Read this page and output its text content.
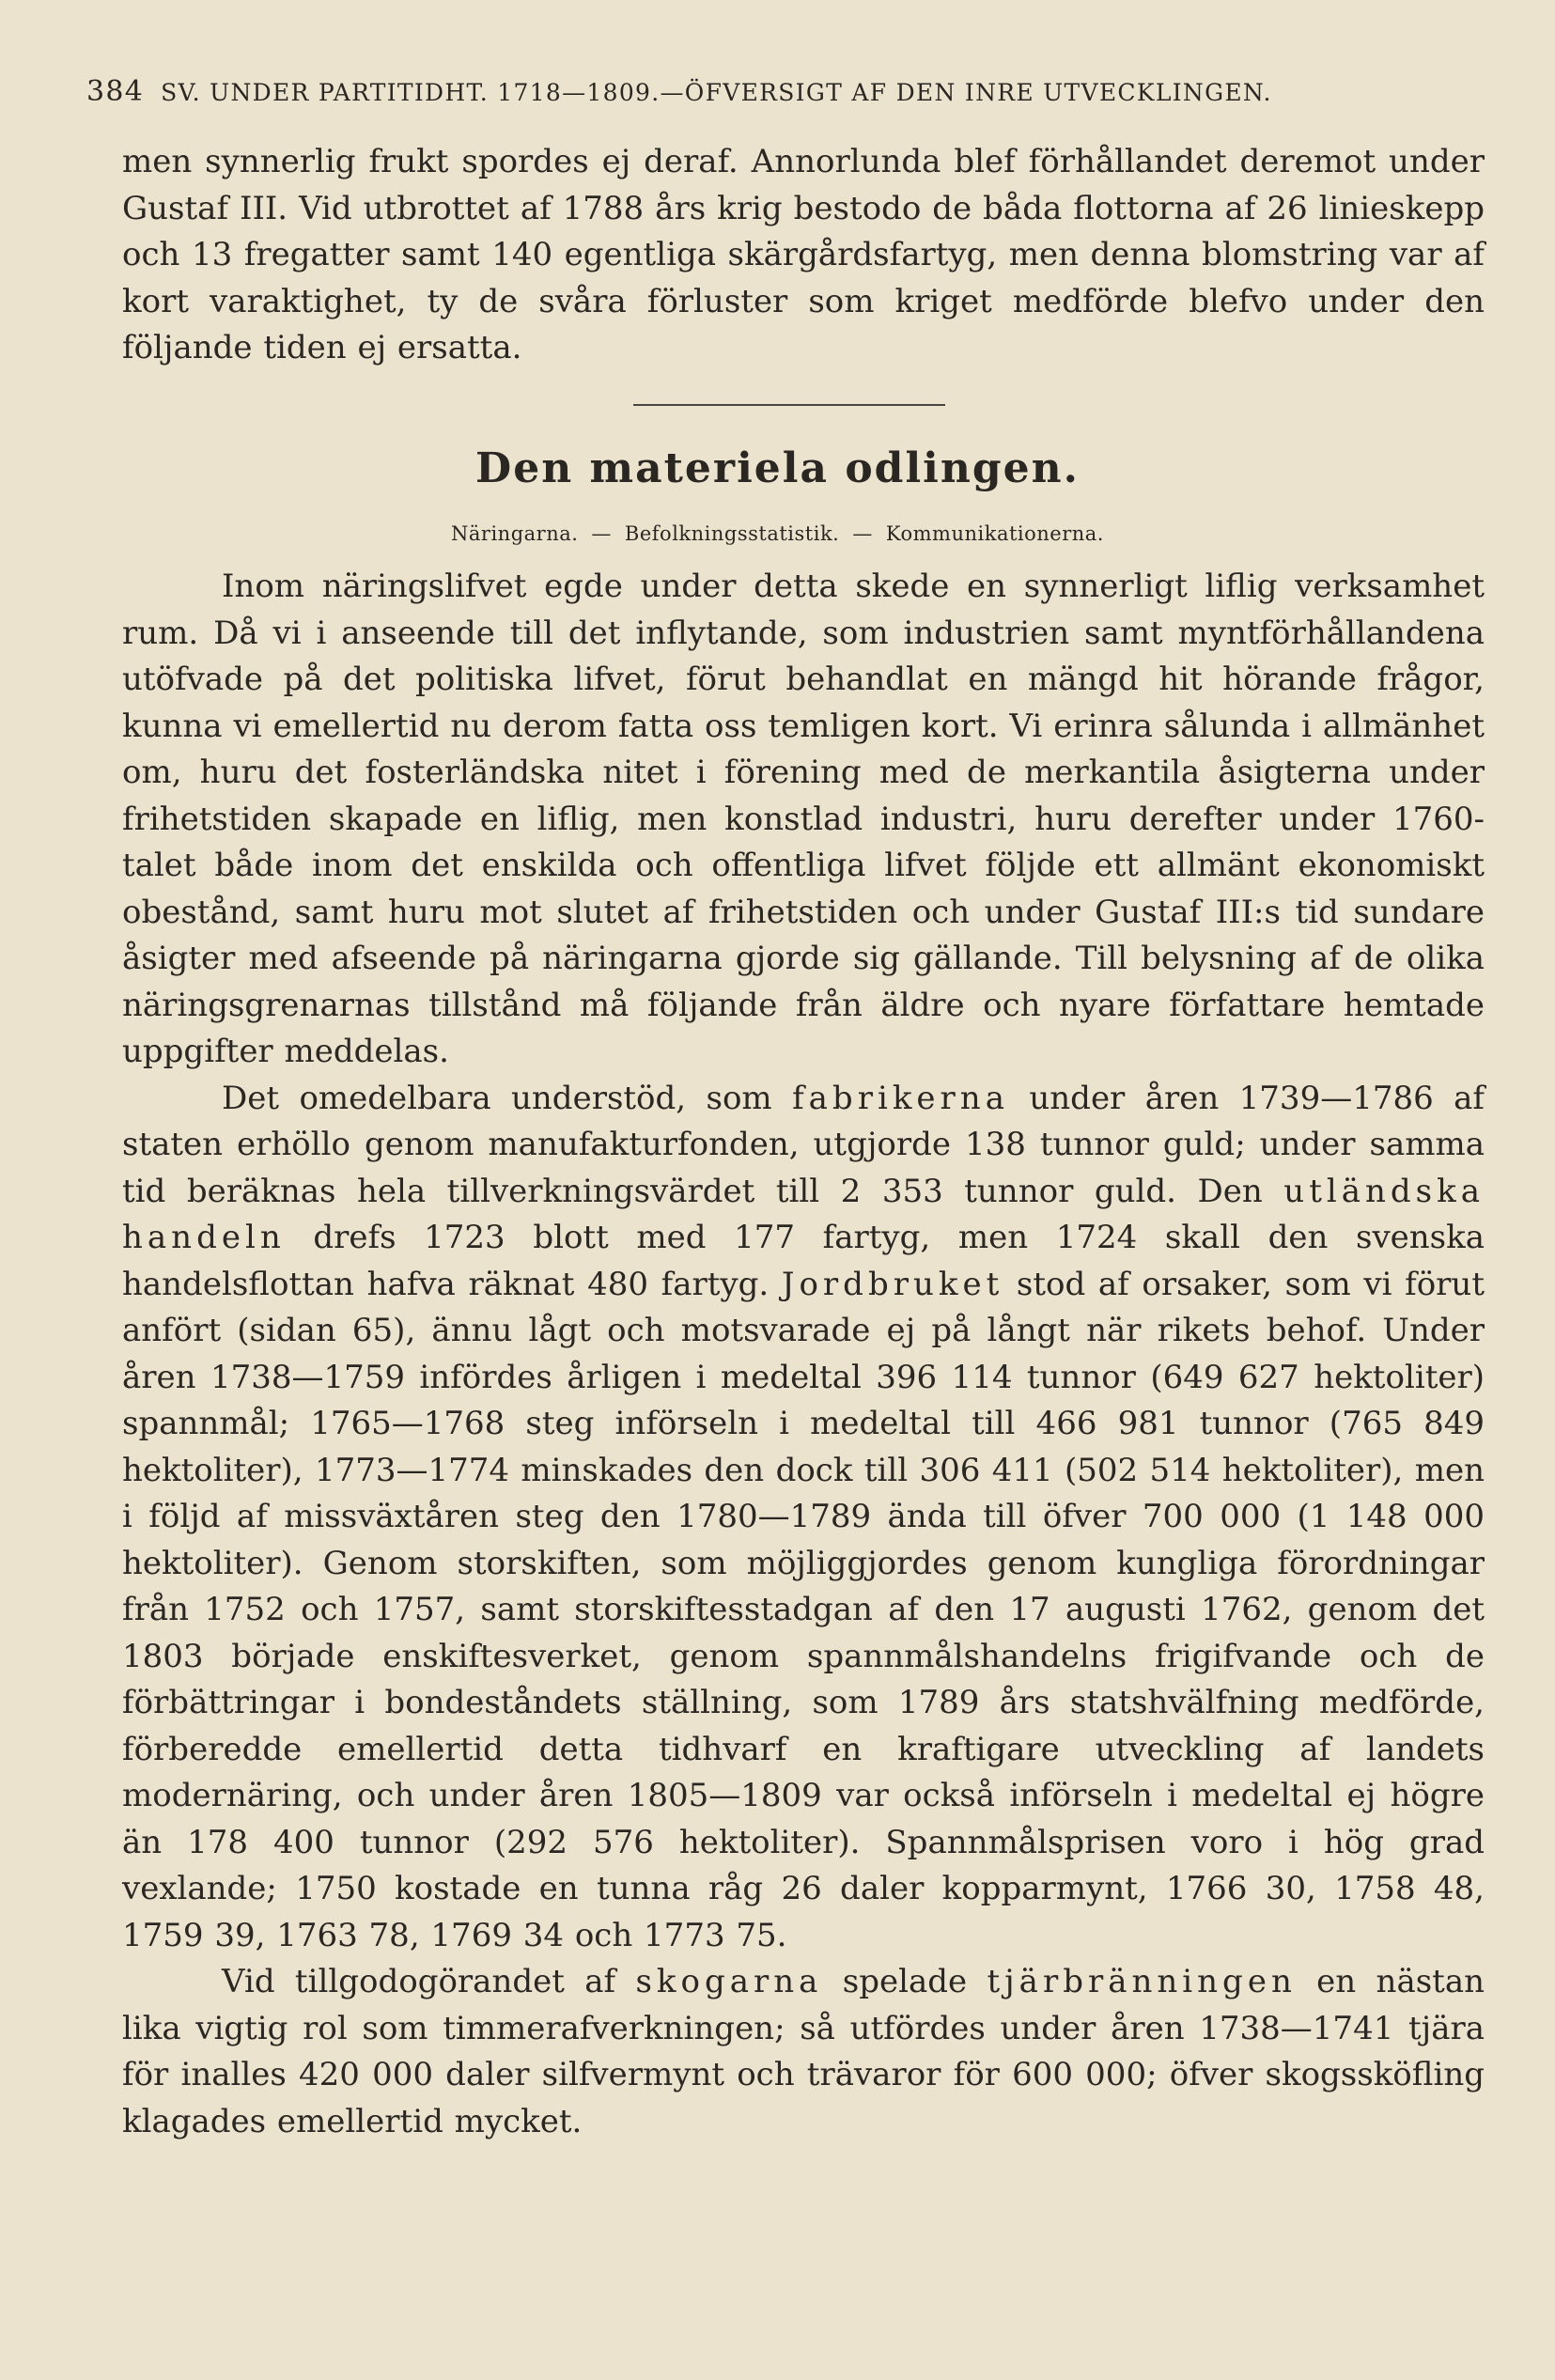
384 SV. UNDER PARTITIDHT. 1718—1809.—ÖFVERSIGT AF DEN INRE UTVECKLINGEN.

men synnerlig frukt spordes ej deraf. Annorlunda blef förhållandet deremot under Gustaf III. Vid utbrottet af 1788 års krig bestodo de båda flottorna af 26 linieskepp och 13 fregatter samt 140 egentliga skärgårdsfartyg, men denna blomstring var af kort varaktighet, ty de svåra förluster som kriget medförde blefvo under den följande tiden ej ersatta.

Den materiela odlingen.
Näringarna. — Befolkningsstatistik. — Kommunikationerna.

Inom näringslifvet egde under detta skede en synnerligt liflig verksamhet rum. Då vi i anseende till det inflytande, som industrien samt myntförhållandena utöfvade på det politiska lifvet, förut behandlat en mängd hit hörande frågor, kunna vi emellertid nu derom fatta oss temligen kort. Vi erinra sålunda i allmänhet om, huru det fosterländska nitet i förening med de merkantila åsigterna under frihetstiden skapade en liflig, men konstlad industri, huru derefter under 1760-talet både inom det enskilda och offentliga lifvet följde ett allmänt ekonomiskt obestånd, samt huru mot slutet af frihetstiden och under Gustaf III:s tid sundare åsigter med afseende på näringarna gjorde sig gällande. Till belysning af de olika näringsgrenarnas tillstånd må följande från äldre och nyare författare hemtade uppgifter meddelas.

Det omedelbara understöd, som fabrikerna under åren 1739—1786 af staten erhöllo genom manufakturfonden, utgjorde 138 tunnor guld; under samma tid beräknas hela tillverkningsvärdet till 2 353 tunnor guld. Den utländska handeln drefs 1723 blott med 177 fartyg, men 1724 skall den svenska handelsflottan hafva räknat 480 fartyg. Jordbruket stod af orsaker, som vi förut anfört (sidan 65), ännu lågt och motsvarade ej på långt när rikets behof. Under åren 1738—1759 infördes årligen i medeltal 396 114 tunnor (649 627 hektoliter) spannmål; 1765—1768 steg införseln i medeltal till 466 981 tunnor (765 849 hektoliter), 1773—1774 minskades den dock till 306 411 (502 514 hektoliter), men i följd af missväxtåren steg den 1780—1789 ända till öfver 700 000 (1 148 000 hektoliter). Genom storskiften, som möjliggjordes genom kungliga förordningar från 1752 och 1757, samt storskiftesstadgan af den 17 augusti 1762, genom det 1803 började enskiftesverket, genom spannmålshandelns frigifvande och de förbättringar i bondeståndets ställning, som 1789 års statshvälfning medförde, förberedde emellertid detta tidhvarf en kraftigare utveckling af landets modernäring, och under åren 1805—1809 var också införseln i medeltal ej högre än 178 400 tunnor (292 576 hektoliter). Spannmålsprisen voro i hög grad vexlande; 1750 kostade en tunna råg 26 daler kopparmynt, 1766 30, 1758 48, 1759 39, 1763 78, 1769 34 och 1773 75.

Vid tillgodogörandet af skogarna spelade tjärbränningen en nästan lika vigtig rol som timmerafverkningen; så utfördes under åren 1738—1741 tjära för inalles 420 000 daler silfvermynt och trävaror för 600 000; öfver skogssköfling klagades emellertid mycket.
